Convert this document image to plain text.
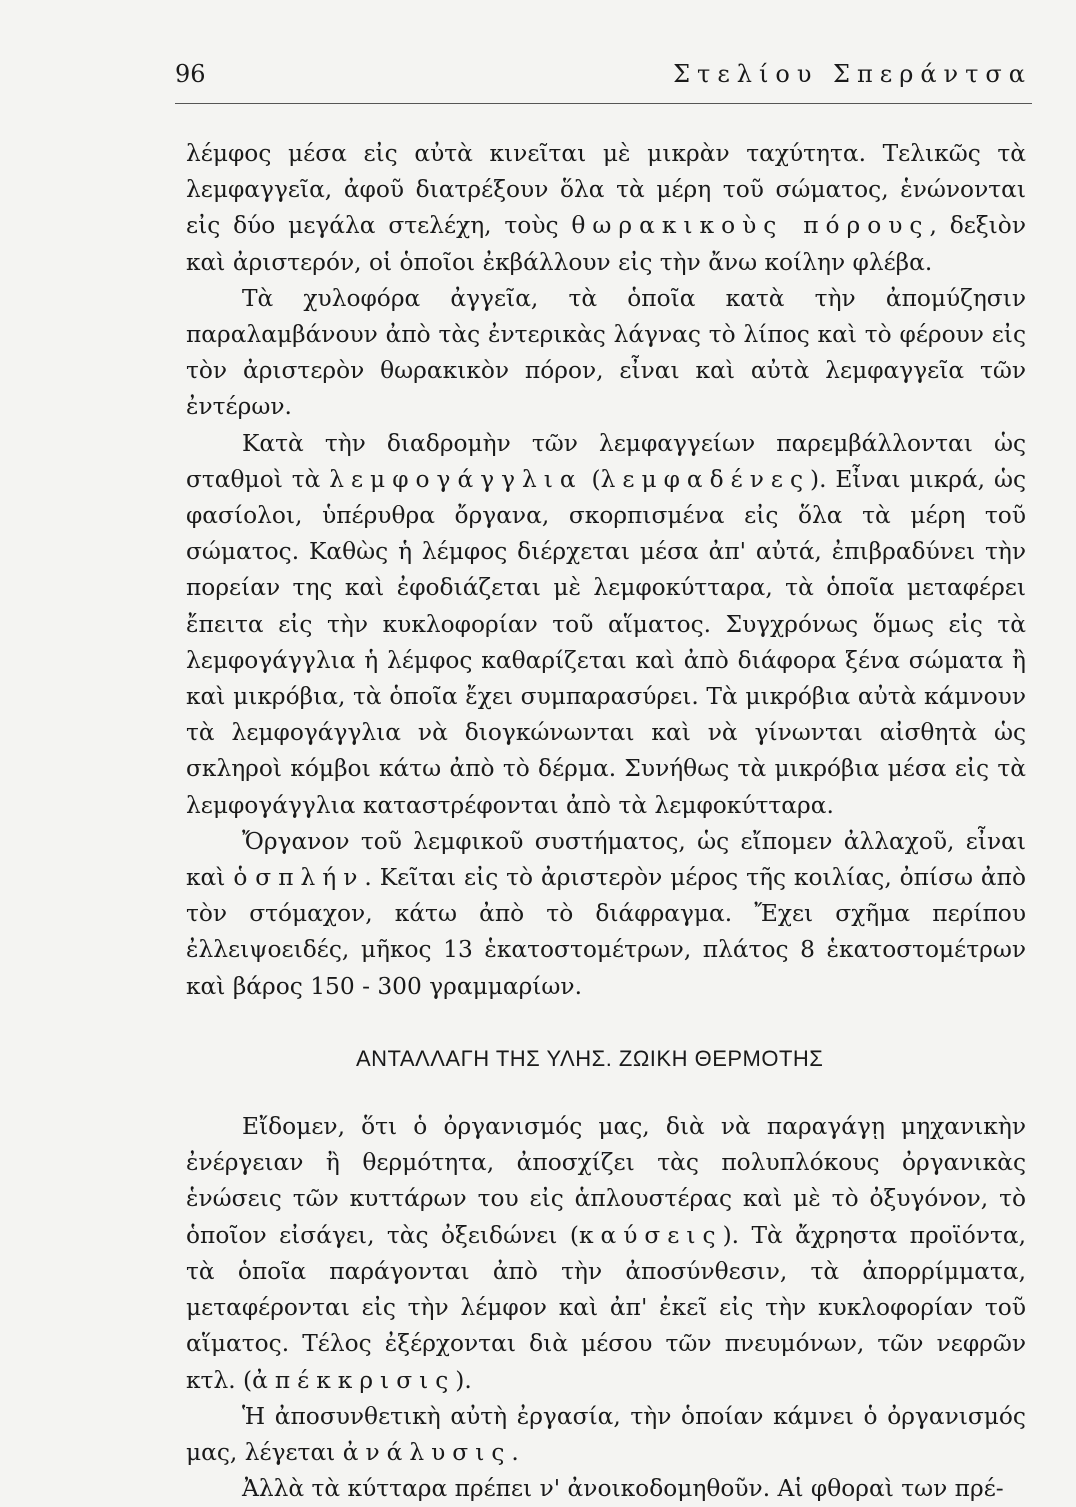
96	Στελίου Σπεράντσα

λέμφος μέσα εἰς αὐτὰ κινεῖται μὲ μικρὰν ταχύτητα. Τελικῶς τὰ λεμφαγγεῖα, ἀφοῦ διατρέξουν ὅλα τὰ μέρη τοῦ σώματος, ἑνώνονται εἰς δύο μεγάλα στελέχη, τοὺς θωρακικοὺς πόρους, δεξιὸν καὶ ἀριστερόν, οἱ ὁποῖοι ἐκβάλλουν εἰς τὴν ἄνω κοίλην φλέβα.

Τὰ χυλοφόρα ἀγγεῖα, τὰ ὁποῖα κατὰ τὴν ἀπομύζησιν παραλαμβάνουν ἀπὸ τὰς ἐντερικὰς λάγνας τὸ λίπος καὶ τὸ φέρουν εἰς τὸν ἀριστερὸν θωρακικὸν πόρον, εἶναι καὶ αὐτὰ λεμφαγγεῖα τῶν ἐντέρων.

Κατὰ τὴν διαδρομὴν τῶν λεμφαγγείων παρεμβάλλονται ὡς σταθμοὶ τὰ λεμφογάγγλια (λεμφαδένες). Εἶναι μικρά, ὡς φασίολοι, ὑπέρυθρα ὄργανα, σκορπισμένα εἰς ὅλα τὰ μέρη τοῦ σώματος. Καθὼς ἡ λέμφος διέρχεται μέσα ἀπ' αὐτά, ἐπιβραδύνει τὴν πορείαν της καὶ ἐφοδιάζεται μὲ λεμφοκύτταρα, τὰ ὁποῖα μεταφέρει ἔπειτα εἰς τὴν κυκλοφορίαν τοῦ αἵματος. Συγχρόνως ὅμως εἰς τὰ λεμφογάγγλια ἡ λέμφος καθαρίζεται καὶ ἀπὸ διάφορα ξένα σώματα ἢ καὶ μικρόβια, τὰ ὁποῖα ἔχει συμπαρασύρει. Τὰ μικρόβια αὐτὰ κάμνουν τὰ λεμφογάγγλια νὰ διογκώνωνται καὶ νὰ γίνωνται αἰσθητὰ ὡς σκληροὶ κόμβοι κάτω ἀπὸ τὸ δέρμα. Συνήθως τὰ μικρόβια μέσα εἰς τὰ λεμφογάγγλια καταστρέφονται ἀπὸ τὰ λεμφοκύτταρα.

Ὄργανον τοῦ λεμφικοῦ συστήματος, ὡς εἴπομεν ἀλλαχοῦ, εἶναι καὶ ὁ σπλήν. Κεῖται εἰς τὸ ἀριστερὸν μέρος τῆς κοιλίας, ὀπίσω ἀπὸ τὸν στόμαχον, κάτω ἀπὸ τὸ διάφραγμα. Ἔχει σχῆμα περίπου ἐλλειψοειδές, μῆκος 13 ἑκατοστομέτρων, πλάτος 8 ἑκατοστομέτρων καὶ βάρος 150 - 300 γραμμαρίων.

ΑΝΤΑΛΛΑΓΗ ΤΗΣ ΥΛΗΣ. ΖΩΙΚΗ ΘΕΡΜΟΤΗΣ

Εἴδομεν, ὅτι ὁ ὀργανισμός μας, διὰ νὰ παραγάγῃ μηχανικὴν ἐνέργειαν ἢ θερμότητα, ἀποσχίζει τὰς πολυπλόκους ὀργανικὰς ἑνώσεις τῶν κυττάρων του εἰς ἁπλουστέρας καὶ μὲ τὸ ὀξυγόνον, τὸ ὁποῖον εἰσάγει, τὰς ὀξειδώνει (καύσεις). Τὰ ἄχρηστα προϊόντα, τὰ ὁποῖα παράγονται ἀπὸ τὴν ἀποσύνθεσιν, τὰ ἀπορρίμματα, μεταφέρονται εἰς τὴν λέμφον καὶ ἀπ' ἐκεῖ εἰς τὴν κυκλοφορίαν τοῦ αἵματος. Τέλος ἐξέρχονται διὰ μέσου τῶν πνευμόνων, τῶν νεφρῶν κτλ. (ἀπέκκρισις).

Ἡ ἀποσυνθετικὴ αὐτὴ ἐργασία, τὴν ὁποίαν κάμνει ὁ ὀργανισμός μας, λέγεται ἀνάλυσις.

Ἀλλὰ τὰ κύτταρα πρέπει ν' ἀνοικοδομηθοῦν. Αἱ φθοραὶ των πρέ-
